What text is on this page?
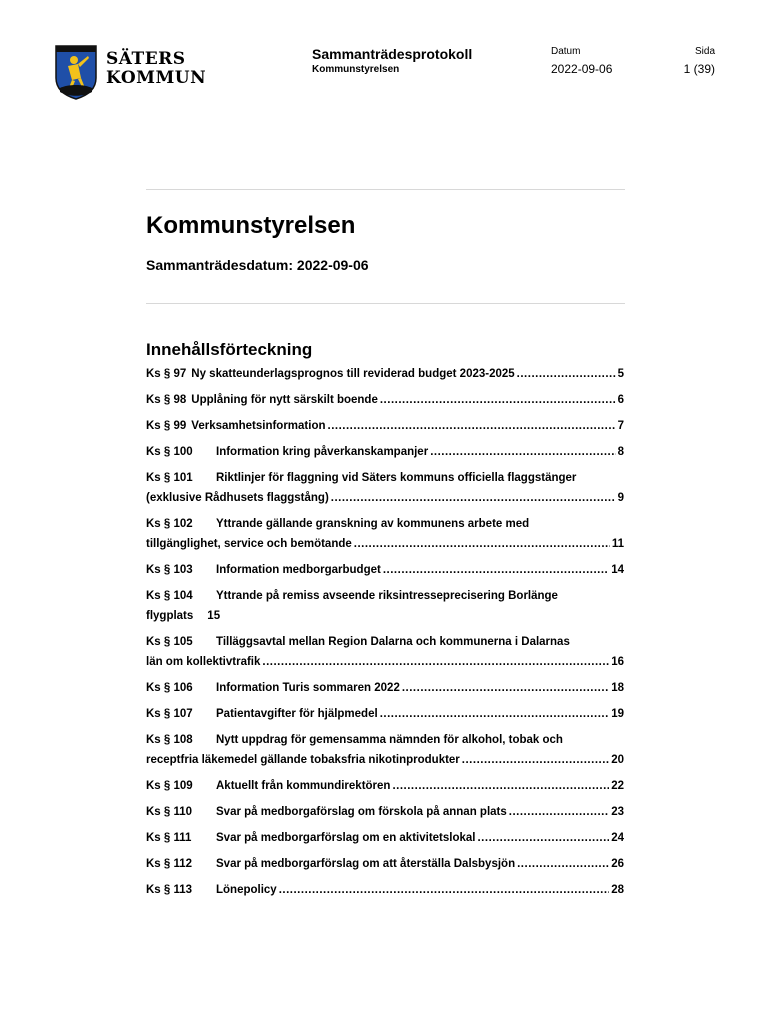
SÄTERS
KOMMUN
Sammanträdesprotokoll
Kommunstyrelsen
Datum
2022-09-06
Sida
1 (39)
Kommunstyrelsen
Sammanträdesdatum: 2022-09-06
Innehållsförteckning
Ks § 97 Ny skatteunderlagsprognos till reviderad budget 2023-2025 .....	5
Ks § 98 Upplåning för nytt särskilt boende .....	6
Ks § 99 Verksamhetsinformation .....	7
Ks § 100	Information kring påverkanskampanjer .....	8
Ks § 101	Riktlinjer för flaggning vid Säters kommuns officiella flaggstänger
(exklusive Rådhusets flaggstång) .....	9
Ks § 102	Yttrande gällande granskning av kommunens arbete med
tillgänglighet, service och bemötande .....	11
Ks § 103	Information medborgarbudget .....	14
Ks § 104	Yttrande på remiss avseende riksintresseprecisering Borlänge
flygplats 15
Ks § 105	Tilläggsavtal mellan Region Dalarna och kommunerna i Dalarnas
län om kollektivtrafik .....	16
Ks § 106	Information Turis sommaren 2022 .....	18
Ks § 107	Patientavgifter för hjälpmedel .....	19
Ks § 108	Nytt uppdrag för gemensamma nämnden för alkohol, tobak och
receptfria läkemedel gällande tobaksfria nikotinprodukter .....	20
Ks § 109	Aktuellt från kommundirektören .....	22
Ks § 110	Svar på medborgaförslag om förskola på annan plats .....	23
Ks § 111	Svar på medborgarförslag om en aktivitetslokal .....	24
Ks § 112	Svar på medborgarförslag om att återställa Dalsbysjön .....	26
Ks § 113	Lönepolicy .....	28
